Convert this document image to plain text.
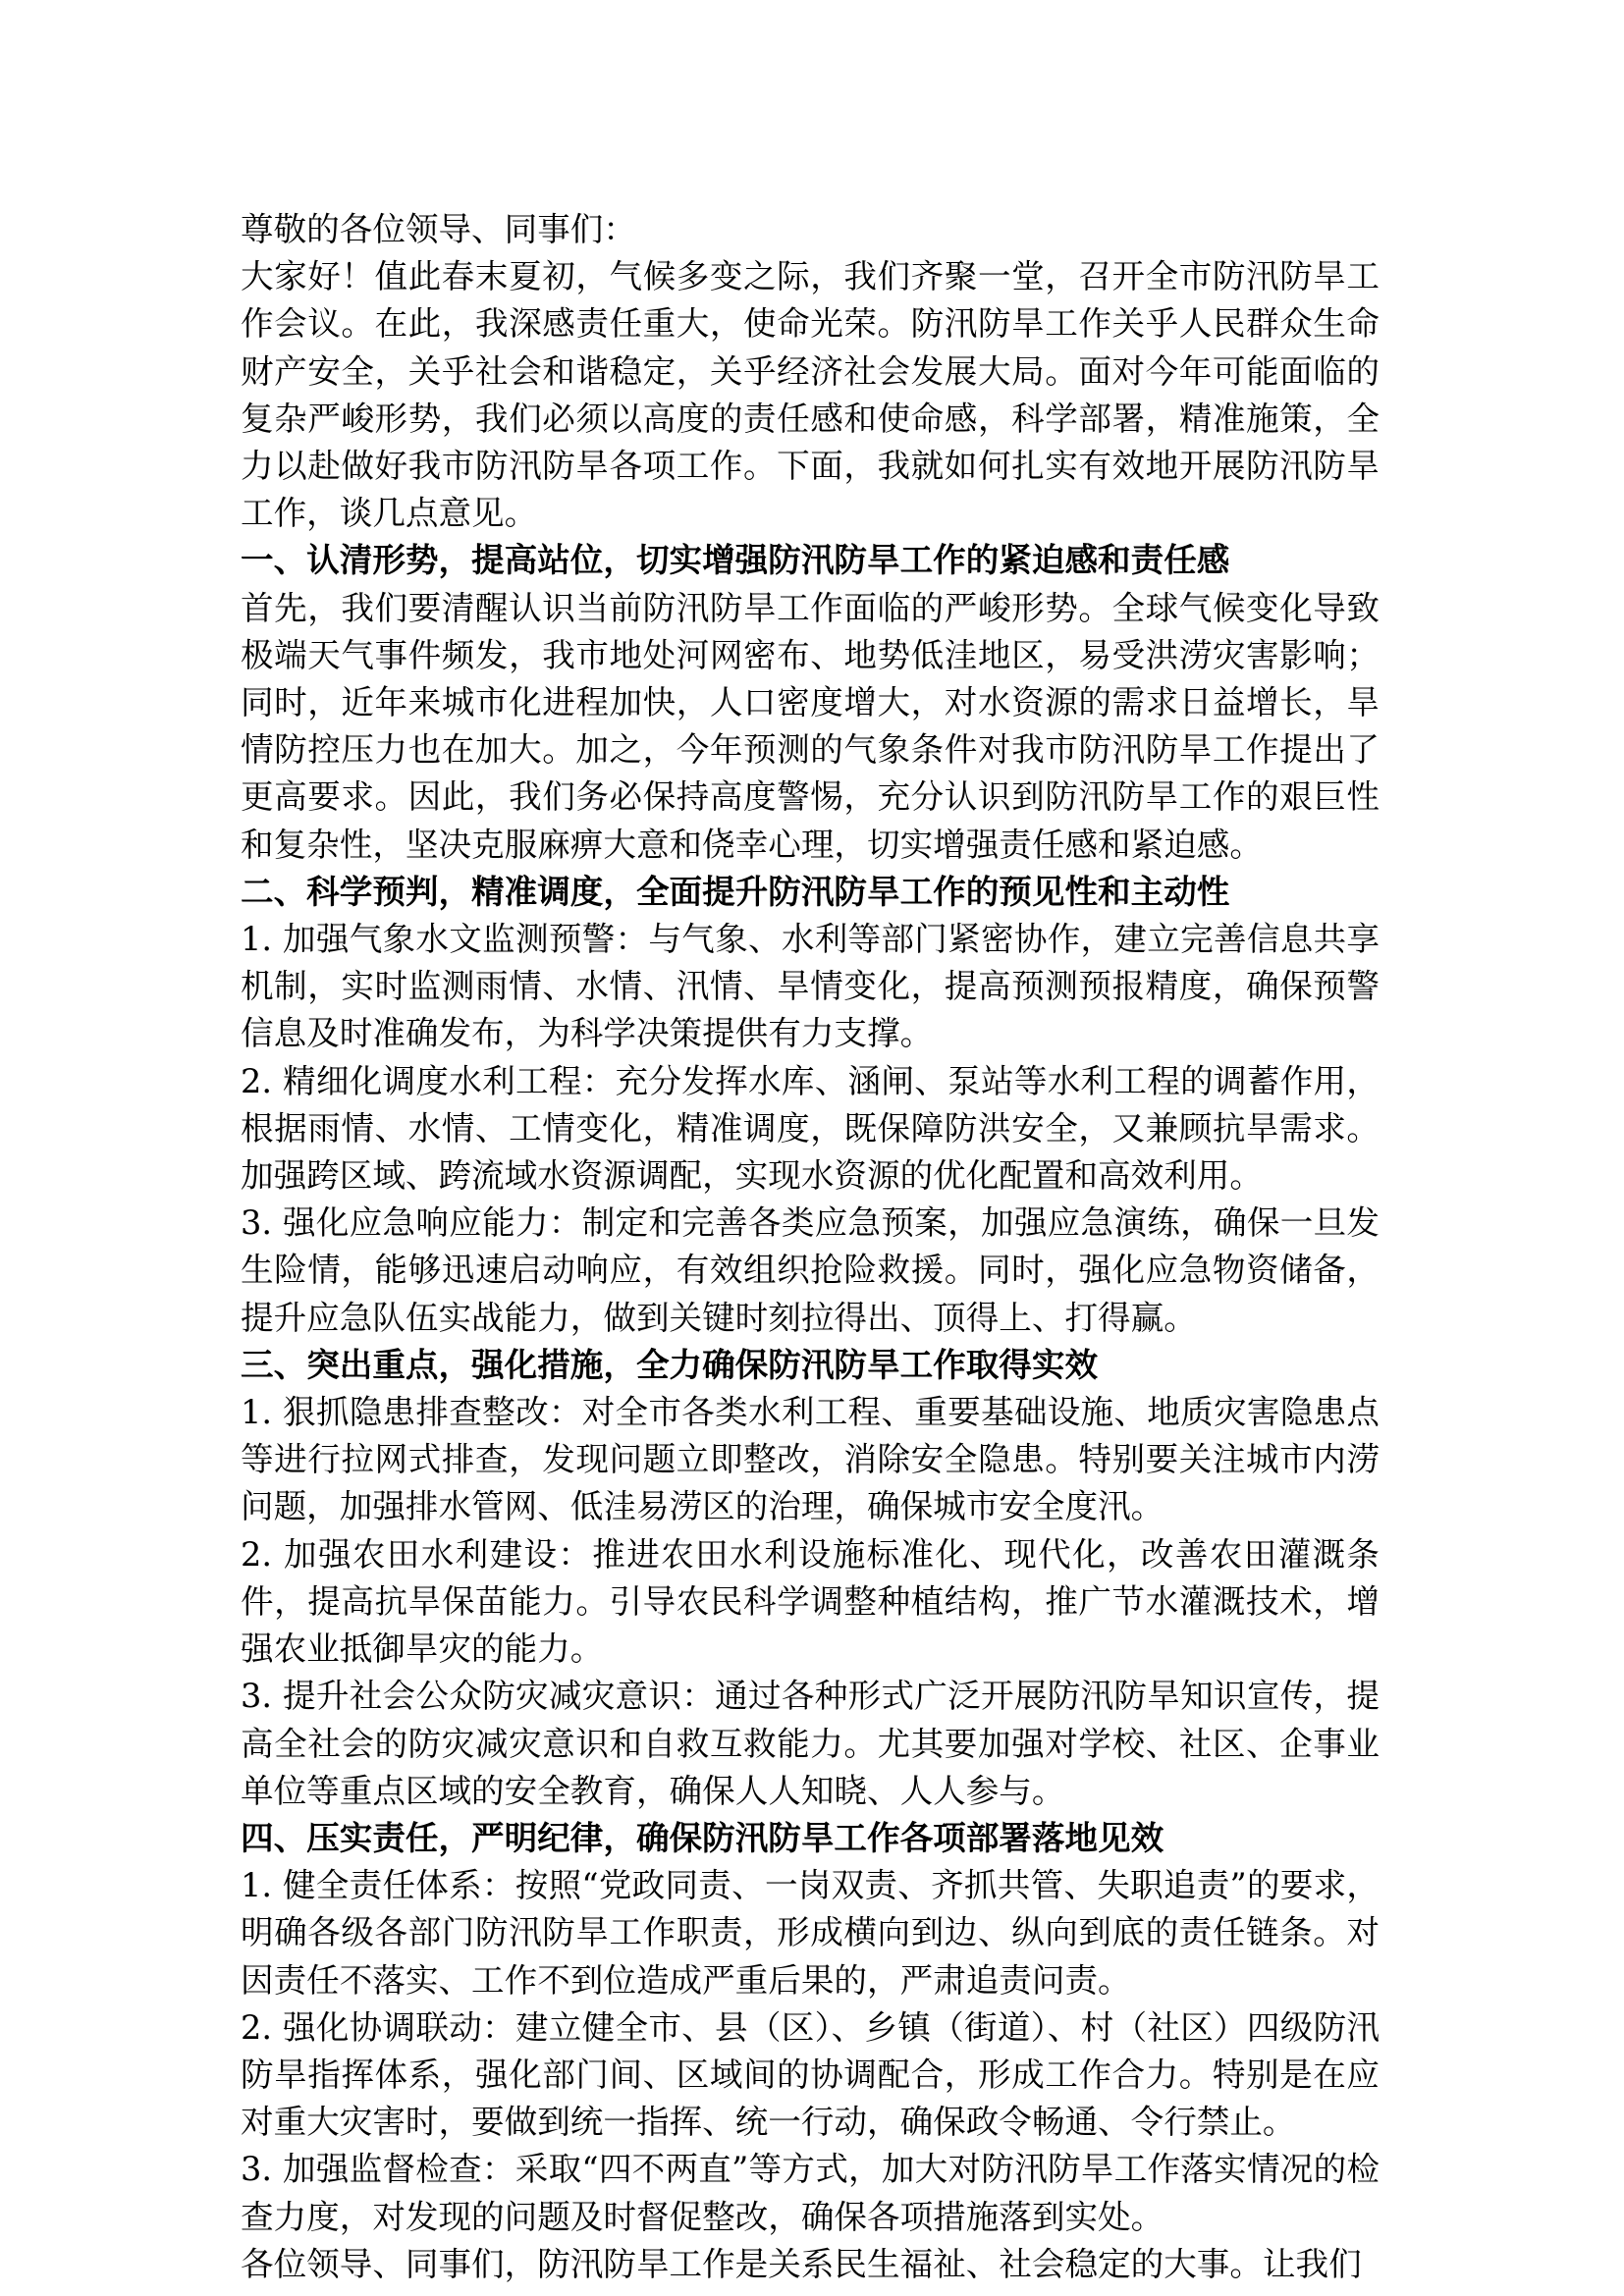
尊敬的各位领导、同事们：

大家好！值此春末夏初，气候多变之际，我们齐聚一堂，召开全市防汛防旱工作会议。在此，我深感责任重大，使命光荣。防汛防旱工作关乎人民群众生命财产安全，关乎社会和谐稳定，关乎经济社会发展大局。面对今年可能面临的复杂严峻形势，我们必须以高度的责任感和使命感，科学部署，精准施策，全力以赴做好我市防汛防旱各项工作。下面，我就如何扎实有效地开展防汛防旱工作，谈几点意见。

一、认清形势，提高站位，切实增强防汛防旱工作的紧迫感和责任感

首先，我们要清醒认识当前防汛防旱工作面临的严峻形势。全球气候变化导致极端天气事件频发，我市地处河网密布、地势低洼地区，易受洪涝灾害影响；同时，近年来城市化进程加快，人口密度增大，对水资源的需求日益增长，旱情防控压力也在加大。加之，今年预测的气象条件对我市防汛防旱工作提出了更高要求。因此，我们务必保持高度警惕，充分认识到防汛防旱工作的艰巨性和复杂性，坚决克服麻痹大意和侥幸心理，切实增强责任感和紧迫感。

二、科学预判，精准调度，全面提升防汛防旱工作的预见性和主动性

1. 加强气象水文监测预警：与气象、水利等部门紧密协作，建立完善信息共享机制，实时监测雨情、水情、汛情、旱情变化，提高预测预报精度，确保预警信息及时准确发布，为科学决策提供有力支撑。

2. 精细化调度水利工程：充分发挥水库、涵闸、泵站等水利工程的调蓄作用，根据雨情、水情、工情变化，精准调度，既保障防洪安全，又兼顾抗旱需求。加强跨区域、跨流域水资源调配，实现水资源的优化配置和高效利用。

3. 强化应急响应能力：制定和完善各类应急预案，加强应急演练，确保一旦发生险情，能够迅速启动响应，有效组织抢险救援。同时，强化应急物资储备，提升应急队伍实战能力，做到关键时刻拉得出、顶得上、打得赢。

三、突出重点，强化措施，全力确保防汛防旱工作取得实效

1. 狠抓隐患排查整改：对全市各类水利工程、重要基础设施、地质灾害隐患点等进行拉网式排查，发现问题立即整改，消除安全隐患。特别要关注城市内涝问题，加强排水管网、低洼易涝区的治理，确保城市安全度汛。

2. 加强农田水利建设：推进农田水利设施标准化、现代化，改善农田灌溉条件，提高抗旱保苗能力。引导农民科学调整种植结构，推广节水灌溉技术，增强农业抵御旱灾的能力。

3. 提升社会公众防灾减灾意识：通过各种形式广泛开展防汛防旱知识宣传，提高全社会的防灾减灾意识和自救互救能力。尤其要加强对学校、社区、企事业单位等重点区域的安全教育，确保人人知晓、人人参与。

四、压实责任，严明纪律，确保防汛防旱工作各项部署落地见效

1. 健全责任体系：按照“党政同责、一岗双责、齐抓共管、失职追责”的要求，明确各级各部门防汛防旱工作职责，形成横向到边、纵向到底的责任链条。对因责任不落实、工作不到位造成严重后果的，严肃追责问责。

2. 强化协调联动：建立健全市、县（区）、乡镇（街道）、村（社区）四级防汛防旱指挥体系，强化部门间、区域间的协调配合，形成工作合力。特别是在应对重大灾害时，要做到统一指挥、统一行动，确保政令畅通、令行禁止。

3. 加强监督检查：采取“四不两直”等方式，加大对防汛防旱工作落实情况的检查力度，对发现的问题及时督促整改，确保各项措施落到实处。

各位领导、同事们，防汛防旱工作是关系民生福祉、社会稳定的大事。让我们
